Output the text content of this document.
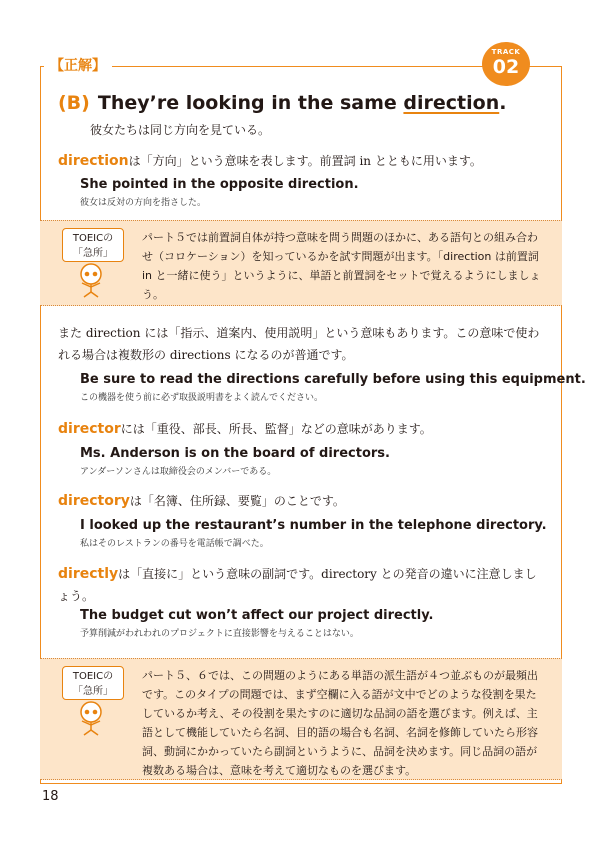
【正解】
TRACK
02
(B) They’re looking in the same direction.
彼女たちは同じ方向を見ている。
directionは「方向」という意味を表します。前置詞 in とともに用います。
She pointed in the opposite direction.
彼女は反対の方向を指さした。
TOEICの
「急所」
パート５では前置詞自体が持つ意味を問う問題のほかに、ある語句との組み合わせ（コロケーション）を知っているかを試す問題が出ます。「direction は前置詞 in と一緒に使う」というように、単語と前置詞をセットで覚えるようにしましょう。
また direction には「指示、道案内、使用説明」という意味もあります。この意味で使われる場合は複数形の directions になるのが普通です。
Be sure to read the directions carefully before using this equipment.
この機器を使う前に必ず取扱説明書をよく読んでください。
directorには「重役、部長、所長、監督」などの意味があります。
Ms. Anderson is on the board of directors.
アンダーソンさんは取締役会のメンバーである。
directoryは「名簿、住所録、要覧」のことです。
I looked up the restaurant’s number in the telephone directory.
私はそのレストランの番号を電話帳で調べた。
directlyは「直接に」という意味の副詞です。directory との発音の違いに注意しましょう。
The budget cut won’t affect our project directly.
予算削減がわれわれのプロジェクトに直接影響を与えることはない。
TOEICの
「急所」
パート５、６では、この問題のようにある単語の派生語が４つ並ぶものが最頻出です。このタイプの問題では、まず空欄に入る語が文中でどのような役割を果たしているか考え、その役割を果たすのに適切な品詞の語を選びます。例えば、主語として機能していたら名詞、目的語の場合も名詞、名詞を修飾していたら形容詞、動詞にかかっていたら副詞というように、品詞を決めます。同じ品詞の語が複数ある場合は、意味を考えて適切なものを選びます。
18
